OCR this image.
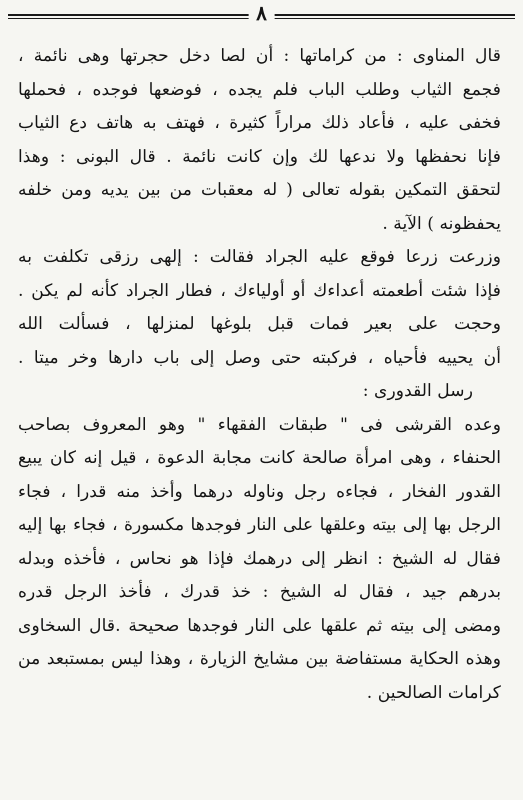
٨
قال المناوى : من كراماتها : أن لصا دخل حجرتها وهى نائمة ،
فجمع الثياب وطلب الباب فلم يجده ، فوضعها فوجده ، فحملها
فخفى عليه ، فأعاد ذلك مراراً كثيرة ، فهتف به هاتف دع الثياب
فإنا نحفظها ولا ندعها لك وإن كانت نائمة . قال البونى : وهذا
لتحقق التمكين بقوله تعالى ( له معقبات من بين يديه ومن خلفه
يحفظونه ) الآية .
وزرعت زرعا فوقع عليه الجراد فقالت : إلهى رزقى تكلفت به
فإذا شئت أطعمته أعداءك أو أولياءك ، فطار الجراد كأنه لم يكن .
وحجت على بعير فمات قبل بلوغها لمنزلها ، فسألت الله
أن يحييه فأحياه ، فركبته حتى وصل إلى باب دارها وخر ميتا .
رسل القدورى :
وعده القرشى فى " طبقات الفقهاء " وهو المعروف بصاحب
الحنفاء ، وهى امرأة صالحة كانت مجابة الدعوة ، قيل إنه كان يبيع
القدور الفخار ، فجاءه رجل وناوله درهما وأخذ منه قدرا ، فجاء
الرجل بها إلى بيته وعلقها على النار فوجدها مكسورة ، فجاء بها إليه
فقال له الشيخ : انظر إلى درهمك فإذا هو نحاس ، فأخذه وبدله
بدرهم جيد ، فقال له الشيخ : خذ قدرك ، فأخذ الرجل قدره
ومضى إلى بيته ثم علقها على النار فوجدها صحيحة .قال السخاوى
وهذه الحكاية مستفاضة بين مشايخ الزيارة ، وهذا ليس بمستبعد من
كرامات الصالحين .
